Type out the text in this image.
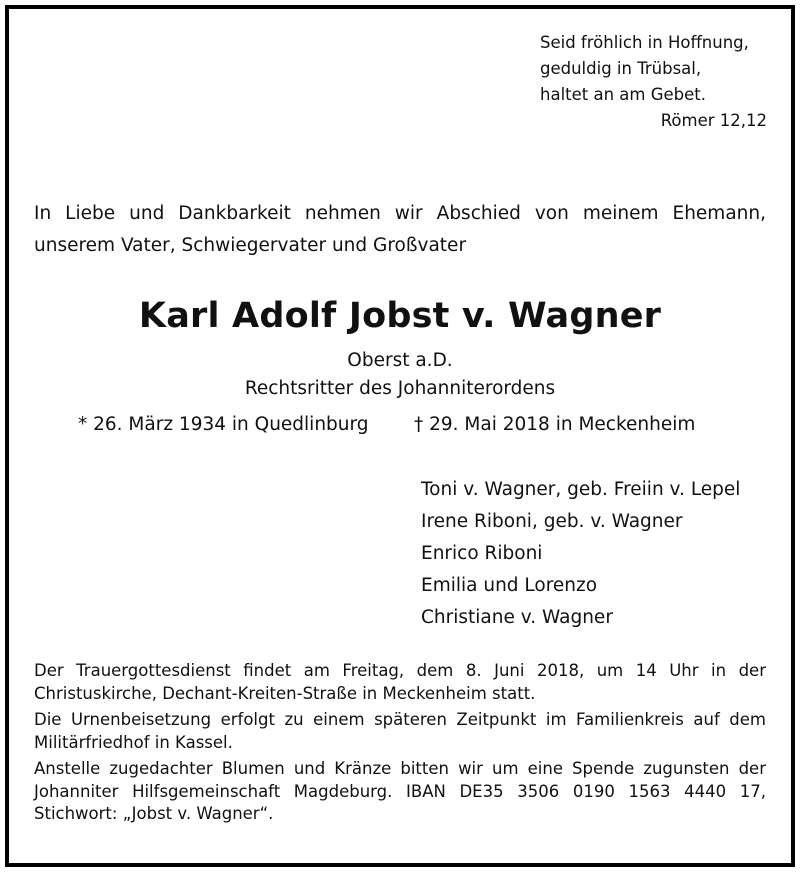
Seid fröhlich in Hoffnung,
geduldig in Trübsal,
haltet an am Gebet.
Römer 12,12
In Liebe und Dankbarkeit nehmen wir Abschied von meinem Ehemann, unserem Vater, Schwiegervater und Großvater
Karl Adolf Jobst v. Wagner
Oberst a.D.
Rechtsritter des Johanniterordens
* 26. März 1934 in Quedlinburg † 29. Mai 2018 in Meckenheim
Toni v. Wagner, geb. Freiin v. Lepel
Irene Riboni, geb. v. Wagner
Enrico Riboni
Emilia und Lorenzo
Christiane v. Wagner

Der Trauergottesdienst findet am Freitag, dem 8. Juni 2018, um 14 Uhr in der Christuskirche, Dechant-Kreiten-Straße in Meckenheim statt.

Die Urnenbeisetzung erfolgt zu einem späteren Zeitpunkt im Familienkreis auf dem Militärfriedhof in Kassel.

Anstelle zugedachter Blumen und Kränze bitten wir um eine Spende zugunsten der Johanniter Hilfsgemeinschaft Magdeburg. IBAN DE35 3506 0190 1563 4440 17, Stichwort: „Jobst v. Wagner“.
